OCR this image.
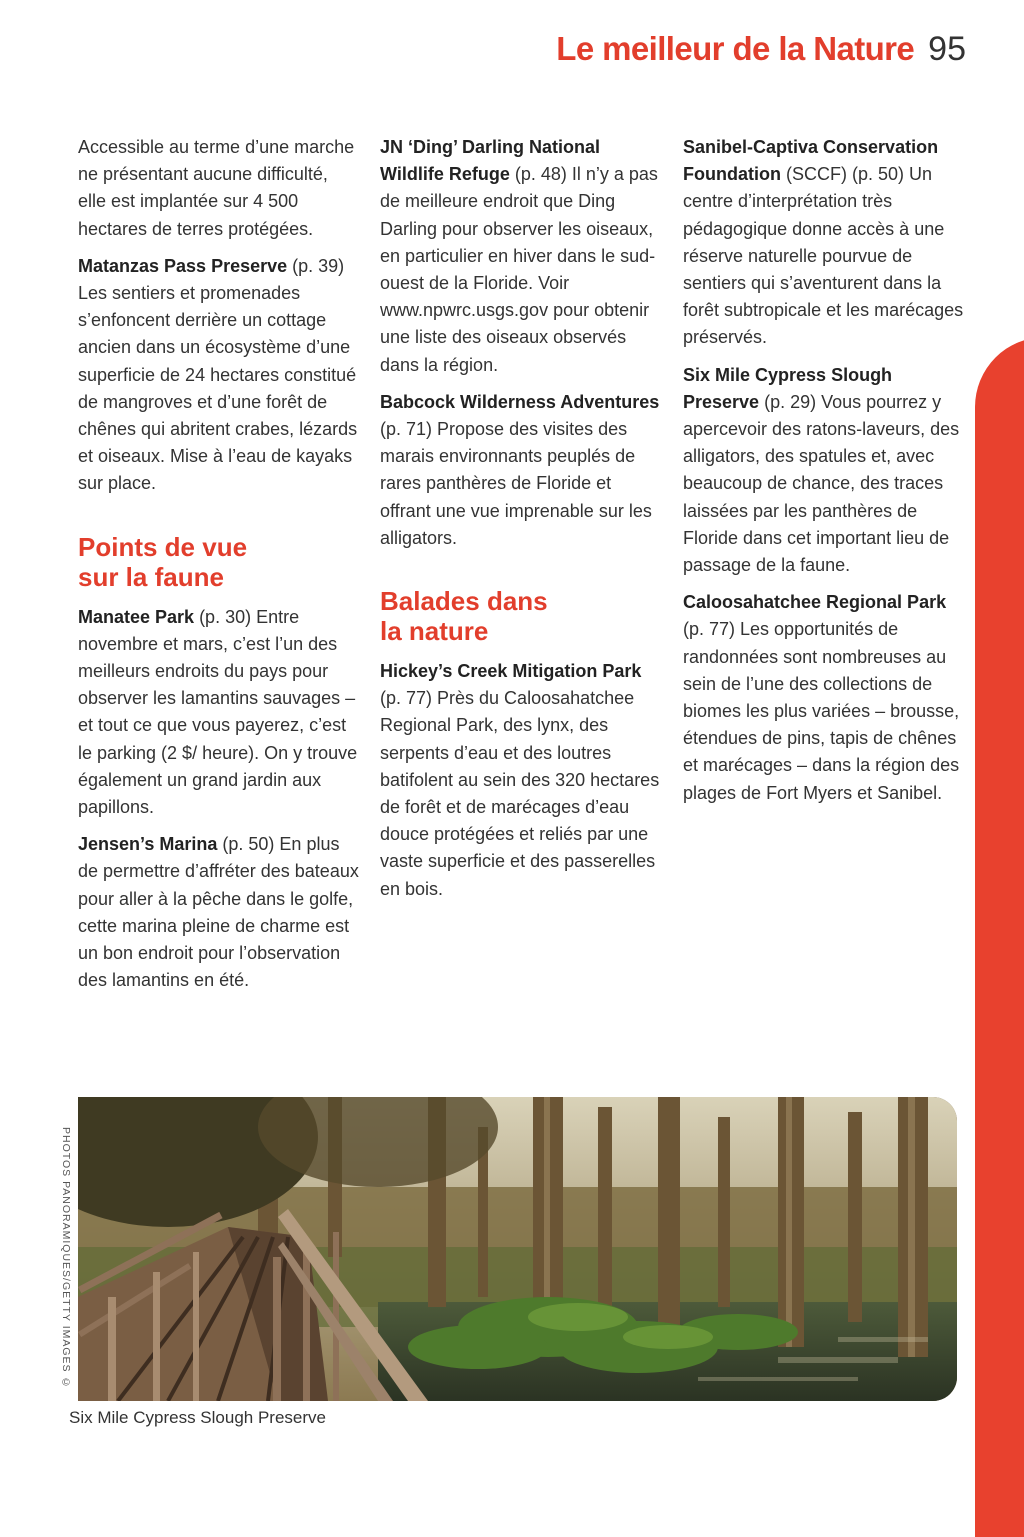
Le meilleur de la Nature 95

Accessible au terme d’une marche ne présentant aucune difficulté, elle est implantée sur 4 500 hectares de terres protégées.

Matanzas Pass Preserve (p. 39) Les sentiers et promenades s’enfoncent derrière un cottage ancien dans un écosystème d’une superficie de 24 hectares constitué de mangroves et d’une forêt de chênes qui abritent crabes, lézards et oiseaux. Mise à l’eau de kayaks sur place.

Points de vue
sur la faune

Manatee Park (p. 30) Entre novembre et mars, c’est l’un des meilleurs endroits du pays pour observer les lamantins sauvages – et tout ce que vous payerez, c’est le parking (2 $/ heure). On y trouve également un grand jardin aux papillons.

Jensen’s Marina (p. 50) En plus de permettre d’affréter des bateaux pour aller à la pêche dans le golfe, cette marina pleine de charme est un bon endroit pour l’observation des lamantins en été.

JN ‘Ding’ Darling National Wildlife Refuge (p. 48) Il n’y a pas de meilleure endroit que Ding Darling pour observer les oiseaux, en particulier en hiver dans le sud-ouest de la Floride. Voir www.npwrc.usgs.gov pour obtenir une liste des oiseaux observés dans la région.

Babcock Wilderness Adventures (p. 71) Propose des visites des marais environnants peuplés de rares panthères de Floride et offrant une vue imprenable sur les alligators.

Balades dans
la nature

Hickey’s Creek Mitigation Park (p. 77) Près du Caloosahatchee Regional Park, des lynx, des serpents d’eau et des loutres batifolent au sein des 320 hectares de forêt et de marécages d’eau douce protégées et reliés par une vaste superficie et des passerelles en bois.

Sanibel-Captiva Conservation Foundation (SCCF) (p. 50) Un centre d’interprétation très pédagogique donne accès à une réserve naturelle pourvue de sentiers qui s’aventurent dans la forêt subtropicale et les marécages préservés.

Six Mile Cypress Slough Preserve (p. 29) Vous pourrez y apercevoir des ratons-laveurs, des alligators, des spatules et, avec beaucoup de chance, des traces laissées par les panthères de Floride dans cet important lieu de passage de la faune.

Caloosahatchee Regional Park (p. 77) Les opportunités de randonnées sont nombreuses au sein de l’une des collections de biomes les plus variées – brousse, étendues de pins, tapis de chênes et marécages – dans la région des plages de Fort Myers et Sanibel.

PHOTOS PANORAMIQUES/GETTY IMAGES ©
Six Mile Cypress Slough Preserve
